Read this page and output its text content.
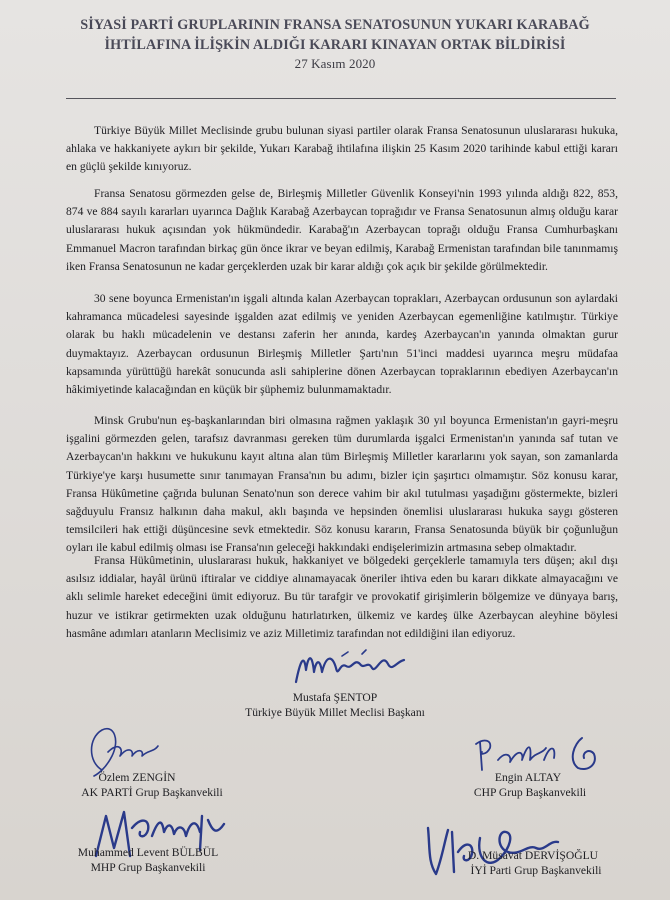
SİYASİ PARTİ GRUPLARININ FRANSA SENATOSUNUN YUKARI KARABAĞ
İHTİLAFINA İLİŞKİN ALDIĞI KARARI KINAYAN ORTAK BİLDİRİSİ
27 Kasım 2020

Türkiye Büyük Millet Meclisinde grubu bulunan siyasi partiler olarak Fransa Senatosunun uluslararası hukuka, ahlaka ve hakkaniyete aykırı bir şekilde, Yukarı Karabağ ihtilafına ilişkin 25 Kasım 2020 tarihinde kabul ettiği kararı en güçlü şekilde kınıyoruz.

Fransa Senatosu görmezden gelse de, Birleşmiş Milletler Güvenlik Konseyi'nin 1993 yılında aldığı 822, 853, 874 ve 884 sayılı kararları uyarınca Dağlık Karabağ Azerbaycan toprağıdır ve Fransa Senatosunun almış olduğu karar uluslararası hukuk açısından yok hükmündedir. Karabağ'ın Azerbaycan toprağı olduğu Fransa Cumhurbaşkanı Emmanuel Macron tarafından birkaç gün önce ikrar ve beyan edilmiş, Karabağ Ermenistan tarafından bile tanınmamış iken Fransa Senatosunun ne kadar gerçeklerden uzak bir karar aldığı çok açık bir şekilde görülmektedir.

30 sene boyunca Ermenistan'ın işgali altında kalan Azerbaycan toprakları, Azerbaycan ordusunun son aylardaki kahramanca mücadelesi sayesinde işgalden azat edilmiş ve yeniden Azerbaycan egemenliğine katılmıştır. Türkiye olarak bu haklı mücadelenin ve destansı zaferin her anında, kardeş Azerbaycan'ın yanında olmaktan gurur duymaktayız. Azerbaycan ordusunun Birleşmiş Milletler Şartı'nın 51'inci maddesi uyarınca meşru müdafaa kapsamında yürüttüğü harekât sonucunda asli sahiplerine dönen Azerbaycan topraklarının ebediyen Azerbaycan'ın hâkimiyetinde kalacağından en küçük bir şüphemiz bulunmamaktadır.

Minsk Grubu'nun eş-başkanlarından biri olmasına rağmen yaklaşık 30 yıl boyunca Ermenistan'ın gayri-meşru işgalini görmezden gelen, tarafsız davranması gereken tüm durumlarda işgalci Ermenistan'ın yanında saf tutan ve Azerbaycan'ın hakkını ve hukukunu kayıt altına alan tüm Birleşmiş Milletler kararlarını yok sayan, son zamanlarda Türkiye'ye karşı husumette sınır tanımayan Fransa'nın bu adımı, bizler için şaşırtıcı olmamıştır. Söz konusu karar, Fransa Hükûmetine çağrıda bulunan Senato'nun son derece vahim bir akıl tutulması yaşadığını göstermekte, bizleri sağduyulu Fransız halkının daha makul, aklı başında ve hepsinden önemlisi uluslararası hukuka saygı gösteren temsilcileri hak ettiği düşüncesine sevk etmektedir. Söz konusu kararın, Fransa Senatosunda büyük bir çoğunluğun oyları ile kabul edilmiş olması ise Fransa'nın geleceği hakkındaki endişelerimizin artmasına sebep olmaktadır.

Fransa Hükûmetinin, uluslararası hukuk, hakkaniyet ve bölgedeki gerçeklerle tamamıyla ters düşen; akıl dışı asılsız iddialar, hayâl ürünü iftiralar ve ciddiye alınamayacak öneriler ihtiva eden bu kararı dikkate almayacağını ve aklı selimle hareket edeceğini ümit ediyoruz. Bu tür tarafgir ve provokatif girişimlerin bölgemize ve dünyaya barış, huzur ve istikrar getirmekten uzak olduğunu hatırlatırken, ülkemiz ve kardeş ülke Azerbaycan aleyhine böylesi hasmâne adımları atanların Meclisimiz ve aziz Milletimiz tarafından not edildiğini ilan ediyoruz.

Mustafa ŞENTOP

Türkiye Büyük Millet Meclisi Başkanı

Özlem ZENGİN

AK PARTİ Grup Başkanvekili

Engin ALTAY

CHP Grup Başkanvekili

Muhammed Levent BÜLBÜL

MHP Grup Başkanvekili

D. Müsavat DERVİŞOĞLU

İYİ Parti Grup Başkanvekili
